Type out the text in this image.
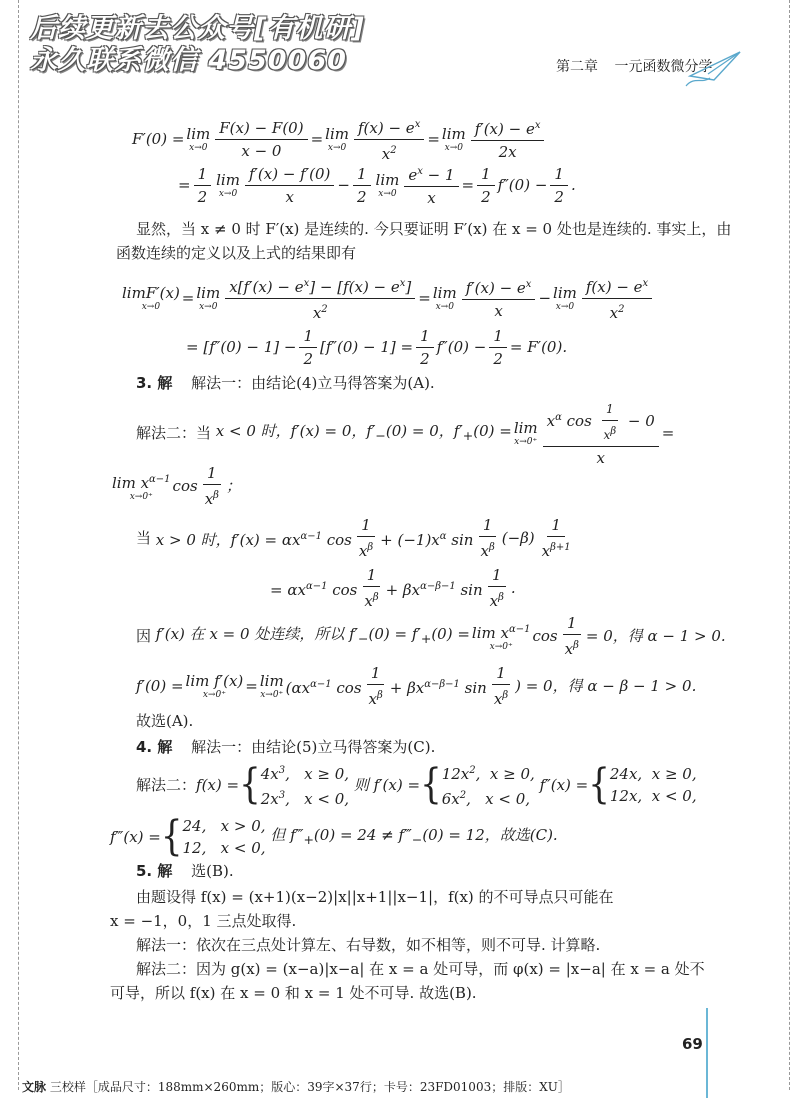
后续更新去公众号[有机研]
永久联系微信 4550060	第二章 一元函数微分学
F′(0) = lim
$x\to 0 \frac{F(x) - F(0)}{x - 0} = \lim$
$x\to 0 \frac{f(x) - e^x}{x^2} = \lim$
$x\to 0 \frac{f'(x) - e^x}{2x}$
= $\frac{1}{2}$ lim
$x\to 0 \frac{f'(x) - f'(0)}{x} - \frac{1}{2}$ lim
$x\to 0 \frac{e^x - 1}{x} = \frac{1}{2} f''(0) - \frac{1}{2}$ .
显然，当 x ≠ 0 时 F′(x) 是连续的. 今只要证明 F′(x) 在 x = 0 处也是连续的. 事实上，由
函数连续的定义以及上式的结果即有
limF′(x)
x→0 = lim
$x\to 0 \frac{x[f'(x) - e^x] - [f(x) - e^x]}{x^2} = \lim$
$x\to 0 \frac{f'(x) - e^x}{x} - \lim$
$x\to 0 \frac{f(x) - e^x}{x^2}$
= $[f''(0) - 1] - \frac{1}{2} [f''(0) - 1] = \frac{1}{2} f''(0) - \frac{1}{2} = F'(0)$.
3. 解 解法一：由结论(4)立马得答案为(A).
解法二：当 x < 0 时，f′(x) = 0，$f'_-(0) = 0$，$f'_+(0) = \lim$
$x\to 0^+ \frac{x^\alpha \cos \frac{1}{x^\beta} - 0}{x}$ =
$\lim x^{\alpha-1}$
x→0⁺
$\cos \frac{1}{x^\beta}$ ；
当 x > 0 时，$f'(x) = \alpha x^{\alpha-1}$ $\cos \frac{1}{x^\beta} + (-1)x^\alpha$ $\sin \frac{1}{x^\beta} (-\beta) \frac{1}{x^{\beta+1}}$
= $\alpha x^{\alpha-1}$ $\cos \frac{1}{x^\beta} + \beta x^{\alpha-\beta-1}$ $\sin \frac{1}{x^\beta}$ .
因 f′(x) 在 x = 0 处连续，所以 $f'_-(0) = f'_+(0) = \lim x^{\alpha-1}$
x→0⁺
$\cos \frac{1}{x^\beta} = 0$，得 α − 1 > 0.
f′(0) = lim f′(x)
x→0⁺ = lim
x→0⁺ ($\alpha x^{\alpha-1}$ $\cos \frac{1}{x^\beta} + \beta x^{\alpha-\beta-1}$ $\sin \frac{1}{x^\beta}$ ) = 0，得 α − β − 1 > 0.
故选(A).
4. 解 解法一：由结论(5)立马得答案为(C).
解法二： f(x) = { $4x^3$,   x ≥ 0,
$2x^3$,   x < 0,
则 f′(x) = { $12x^2$,  x ≥ 0,
$6x^2$,   x < 0,
f″(x) = { 24x,  x ≥ 0,
12x,  x < 0,
f‴(x) = { 24,   x > 0,
12,   x < 0,
但 $f‴_+(0) = 24$ ≠ $f‴_-(0) = 12$，故选(C).
5. 解 选(B).
由题设得 f(x) = (x+1)(x−2)|x||x+1||x−1|，f(x) 的不可导点只可能在
x = −1，0，1 三点处取得.
解法一：依次在三点处计算左、右导数，如不相等，则不可导. 计算略.
解法二：因为 g(x) = (x−a)|x−a| 在 x = a 处可导，而 φ(x) = |x−a| 在 x = a 处不
可导，所以 f(x) 在 x = 0 和 x = 1 处不可导. 故选(B).
69
文脉 三校样［成品尺寸：188mm×260mm；版心：39字×37行；卡号：23FD01003；排版：XU］
